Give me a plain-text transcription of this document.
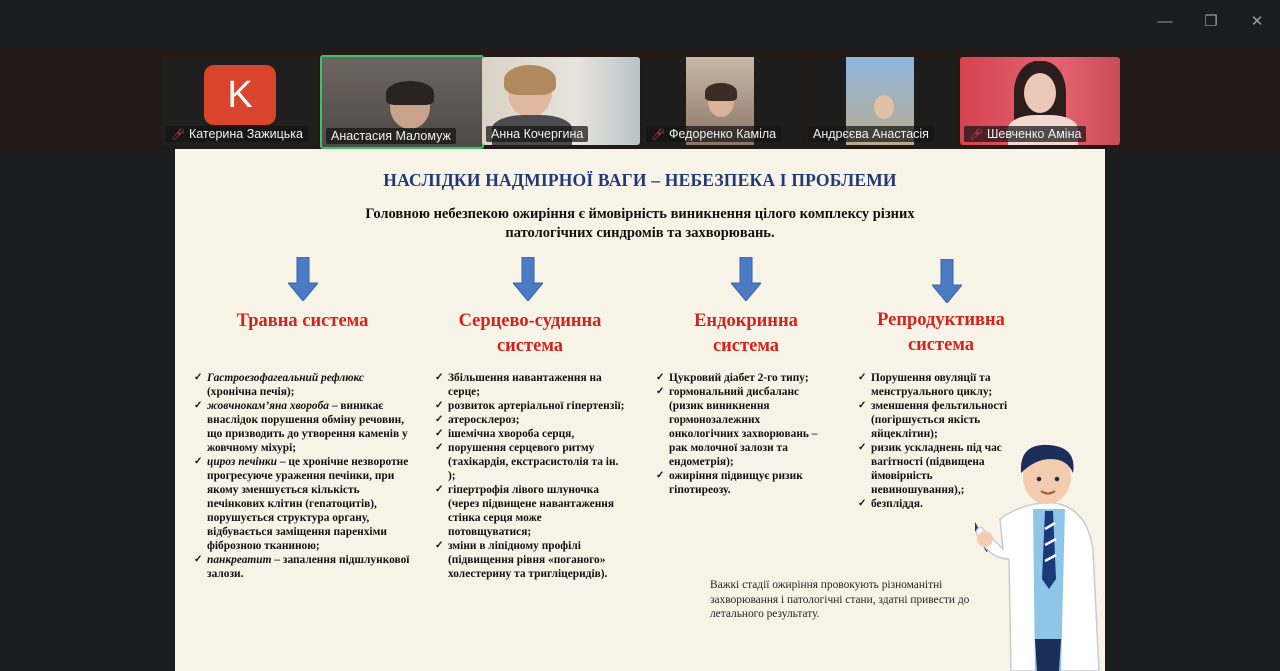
—	❐	✕
K
🎤︎ Катерина Зажицька Анастасия Маломуж	Анна Кочергина	🎤︎ Федоренко Каміла	Андрєєва Анастасія	🎤︎ Шевченко Аміна
НАСЛІДКИ НАДМІРНОЇ ВАГИ – НЕБЕЗПЕКА І ПРОБЛЕМИ
Головною небезпекою ожиріння є ймовірність виникнення цілого комплексу різних
патологічних синдромів та захворювань.
Травна система	Серцево-судинна
система
Ендокринна
система
Репродуктивна
система
✓ Гастроезофагеальний рефлюкс (хронічна печія);
✓ жовчнокам’яна хвороба – виникає внаслідок порушення обміну речовин, що призводить до утворення каменів у жовчному міхурі;
✓ цироз печінки – це хронічне незворотне прогресуюче ураження печінки, при якому зменшується кількість печінкових клітин (гепатоцитів), порушується структура органу, відбувається заміщення паренхіми фіброзною тканиною;
✓ панкреатит – запалення підшлункової залози.
✓ Збільшення навантаження на серце;
✓ розвиток артеріальної гіпертензії;
✓ атеросклероз;
✓ ішемічна хвороба серця,
✓ порушення серцевого ритму (тахікардія, екстрасистолія та ін. );
✓ гіпертрофія лівого шлуночка (через підвищене навантаження стінка серця може потовщуватися;
✓ зміни в ліпідному профілі (підвищення рівня «поганого» холестерину та тригліцеридів).
✓ Цукровий діабет 2-го типу;
✓ гормональний дисбаланс (ризик виникнення гормонозалежних онкологічних захворювань – рак молочної залози та ендометрія);
✓ ожиріння підвищує ризик гіпотиреозу.
✓ Порушення овуляції та менструального циклу;
✓ зменшення фельтильності (погіршується якість яйцеклітин);
✓ ризик ускладнень під час вагітності (підвищена ймовірність невиношування),;
✓ безпліддя.
Важкі стадії ожиріння провокують різноманітні захворювання і патологічні стани, здатні привести до летального результату.
